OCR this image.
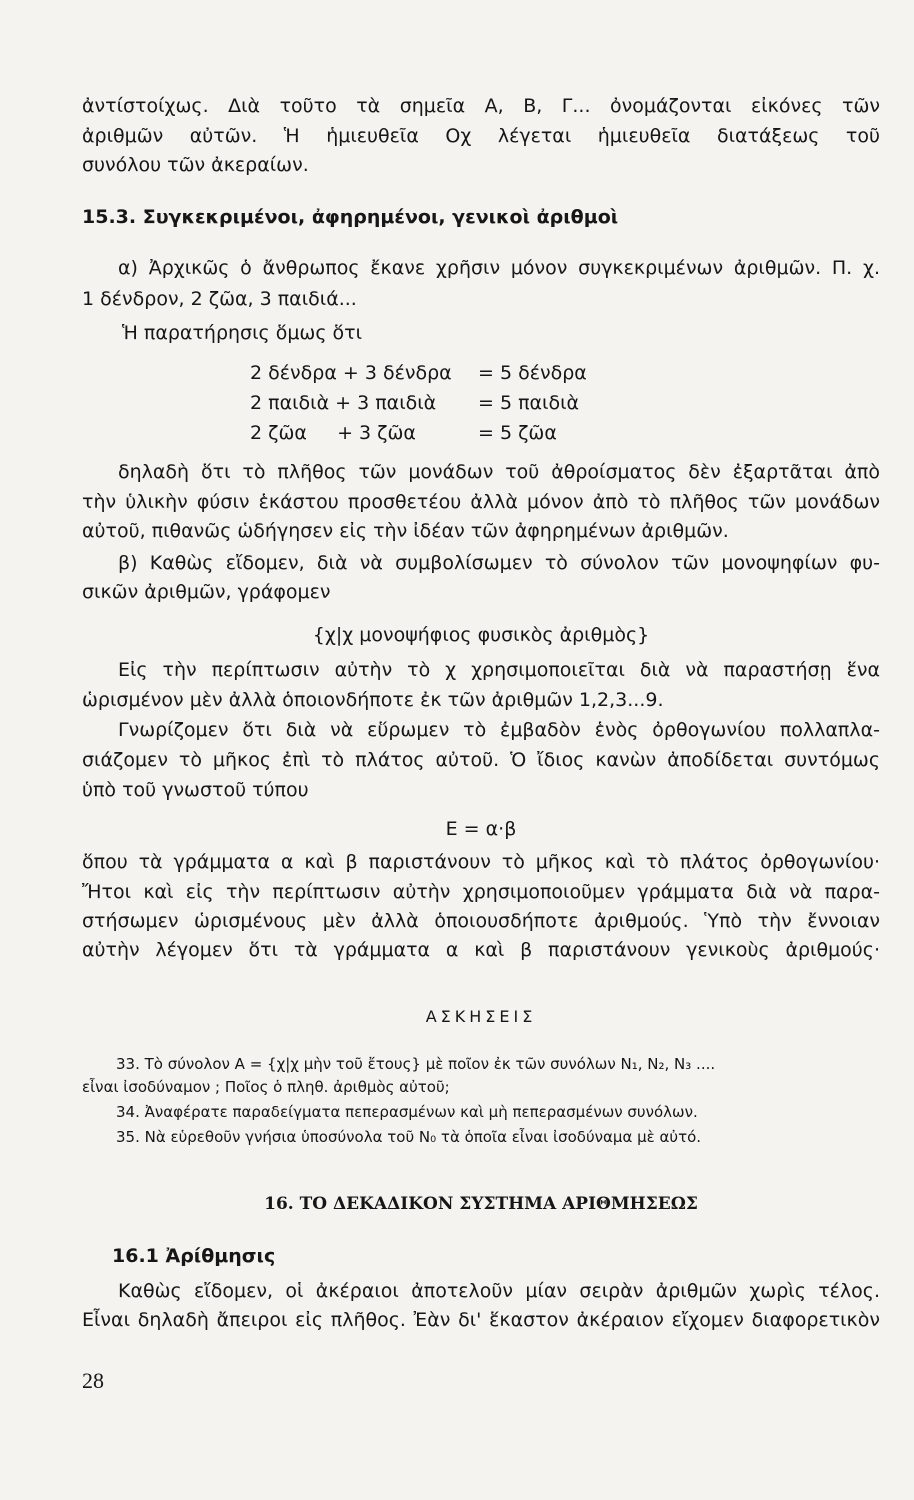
ἀντίστοίχως. Διὰ τοῦτο τὰ σημεῖα Α, Β, Γ... ὀνομάζονται εἰκόνες τῶν
ἀριθμῶν αὐτῶν. Ἡ ἡμιευθεῖα Οχ λέγεται ἡμιευθεῖα διατάξεως τοῦ
συνόλου τῶν ἀκεραίων.
15.3. Συγκεκριμένοι, ἀφηρημένοι, γενικοὶ ἀριθμοὶ
α) Ἀρχικῶς ὁ ἄνθρωπος ἔκανε χρῆσιν μόνον συγκεκριμένων ἀριθμῶν. Π. χ.
1 δένδρον, 2 ζῶα, 3 παιδιά...
Ἡ παρατήρησις ὅμως ὅτι
2 δένδρα + 3 δένδρα = 5 δένδρα
2 παιδιὰ + 3 παιδιὰ = 5 παιδιὰ
2 ζῶα     + 3 ζῶα	= 5 ζῶα
δηλαδὴ ὅτι τὸ πλῆθος τῶν μονάδων τοῦ ἀθροίσματος δὲν ἐξαρτᾶται ἀπὸ
τὴν ὑλικὴν φύσιν ἑκάστου προσθετέου ἀλλὰ μόνον ἀπὸ τὸ πλῆθος τῶν μονάδων
αὐτοῦ, πιθανῶς ὡδήγησεν εἰς τὴν ἰδέαν τῶν ἀφηρημένων ἀριθμῶν.
β) Καθὼς εἴδομεν, διὰ νὰ συμβολίσωμεν τὸ σύνολον τῶν μονοψηφίων φυ-
σικῶν ἀριθμῶν, γράφομεν
{χ|χ μονοψήφιος φυσικὸς ἀριθμὸς}
Εἰς τὴν περίπτωσιν αὐτὴν τὸ χ χρησιμοποιεῖται διὰ νὰ παραστήσῃ ἕνα
ὡρισμένον μὲν ἀλλὰ ὁποιονδήποτε ἐκ τῶν ἀριθμῶν 1,2,3...9.
Γνωρίζομεν ὅτι διὰ νὰ εὕρωμεν τὸ ἐμβαδὸν ἑνὸς ὀρθογωνίου πολλαπλα-
σιάζομεν τὸ μῆκος ἐπὶ τὸ πλάτος αὐτοῦ. Ὁ ἴδιος κανὼν ἀποδίδεται συντόμως
ὑπὸ τοῦ γνωστοῦ τύπου
Ε = α·β
ὅπου τὰ γράμματα α καὶ β παριστάνουν τὸ μῆκος καὶ τὸ πλάτος ὀρθογωνίου·
Ἤτοι καὶ εἰς τὴν περίπτωσιν αὐτὴν χρησιμοποιοῦμεν γράμματα διὰ νὰ παρα-
στήσωμεν ὡρισμένους μὲν ἀλλὰ ὁποιουσδήποτε ἀριθμούς. Ὑπὸ τὴν ἔννοιαν
αὐτὴν λέγομεν ὅτι τὰ γράμματα α καὶ β παριστάνουν γενικοὺς ἀριθμούς·
ΑΣΚΗΣΕΙΣ
33. Τὸ σύνολον Α = {χ|χ μὴν τοῦ ἔτους} μὲ ποῖον ἐκ τῶν συνόλων Ν₁, Ν₂, Ν₃ ....
εἶναι ἰσοδύναμον ; Ποῖος ὁ πληθ. ἀριθμὸς αὐτοῦ;
34. Ἀναφέρατε παραδείγματα πεπερασμένων καὶ μὴ πεπερασμένων συνόλων.
35. Νὰ εὑρεθοῦν γνήσια ὑποσύνολα τοῦ Ν₀ τὰ ὁποῖα εἶναι ἰσοδύναμα μὲ αὐτό.
16. ΤΟ ΔΕΚΑΔΙΚΟΝ ΣΥΣΤΗΜΑ ΑΡΙΘΜΗΣΕΩΣ
16.1 Ἀρίθμησις
Καθὼς εἴδομεν, οἱ ἀκέραιοι ἀποτελοῦν μίαν σειρὰν ἀριθμῶν χωρὶς τέλος.
Εἶναι δηλαδὴ ἄπειροι εἰς πλῆθος. Ἐὰν δι' ἕκαστον ἀκέραιον εἴχομεν διαφορετικὸν
28
